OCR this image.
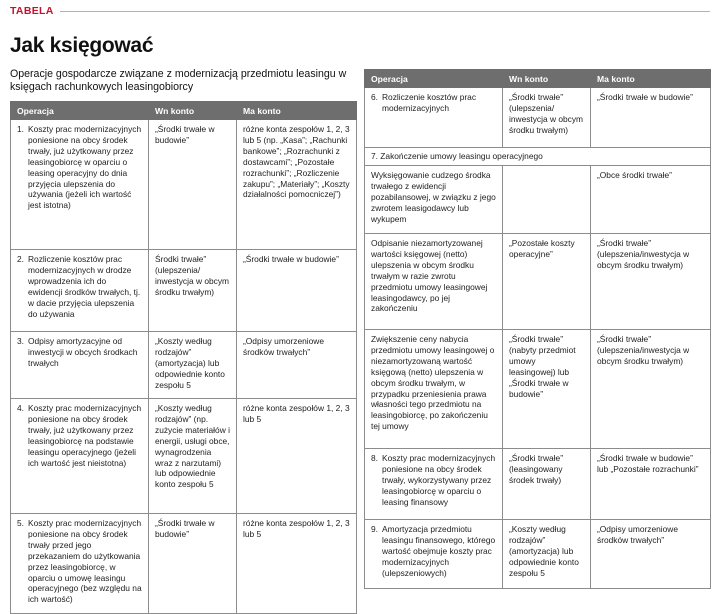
TABELA
Jak księgować

Operacje gospodarcze związane z modernizacją przedmiotu leasingu w księgach rachunkowych leasingobiorcy

Operacja	Wn konto	Ma konto

1. Koszty prac modernizacyjnych poniesione na obcy środek trwały, już użytkowany przez leasingobiorcę w oparciu o leasing operacyjny do dnia przyjęcia ulepszenia do używania (jeżeli ich wartość jest istotna)	„Środki trwałe w budowie”	różne konta zespołów 1, 2, 3 lub 5 (np. „Kasa”; „Rachunki bankowe”; „Rozrachunki z dostawcami”; „Pozostałe rozrachunki”; „Rozliczenie zakupu”; „Materiały”; „Koszty działalności pomocniczej”)

2. Rozliczenie kosztów prac modernizacyjnych w drodze wprowadzenia ich do ewidencji środków trwałych, tj. w dacie przyjęcia ulepszenia do używania	Środki trwałe” (ulepszenia/ inwestycja w obcym środku trwałym)	„Środki trwałe w budowie”

3. Odpisy amortyzacyjne od inwestycji w obcych środkach trwałych	„Koszty według rodzajów” (amortyzacja) lub odpowiednie konto zespołu 5	„Odpisy umorzeniowe środków trwałych”

4. Koszty prac modernizacyjnych poniesione na obcy środek trwały, już użytkowany przez leasingobiorcę na podstawie leasingu operacyjnego (jeżeli ich wartość jest nieistotna)	„Koszty według rodzajów” (np. zużycie materiałów i energii, usługi obce, wynagrodzenia wraz z narzutami) lub odpowiednie konto zespołu 5	różne konta zespołów 1, 2, 3 lub 5

5. Koszty prac modernizacyjnych poniesione na obcy środek trwały przed jego przekazaniem do użytkowania przez leasingobiorcę, w oparciu o umowę leasingu operacyjnego (bez względu na ich wartość)	„Środki trwałe w budowie”	różne konta zespołów 1, 2, 3 lub 5
Operacja	Wn konto	Ma konto

6. Rozliczenie kosztów prac modernizacyjnych	„Środki trwałe” (ulepszenia/ inwestycja w obcym środku trwałym)	„Środki trwałe w budowie”
7. Zakończenie umowy leasingu operacyjnego		
Wyksięgowanie cudzego środka trwałego z ewidencji pozabilansowej, w związku z jego zwrotem leasigodawcy lub wykupem		„Obce środki trwałe”
Odpisanie niezamortyzowanej wartości księgowej (netto) ulepszenia w obcym środku trwałym w razie zwrotu przedmiotu umowy leasingowej leasingodawcy, po jej zakończeniu	„Pozostałe koszty operacyjne”	„Środki trwałe” (ulepszenia/inwestycja w obcym środku trwałym)
Zwiększenie ceny nabycia przedmiotu umowy leasingowej o niezamortyzowaną wartość księgową (netto) ulepszenia w obcym środku trwałym, w przypadku przeniesienia prawa własności tego przedmiotu na leasingobiorcę, po zakończeniu tej umowy	„Środki trwałe” (nabyty przedmiot umowy leasingowej) lub „Środki trwałe w budowie”	„Środki trwałe” (ulepszenia/inwestycja w obcym środku trwałym)

8. Koszty prac modernizacyjnych poniesione na obcy środek trwały, wykorzystywany przez leasingobiorcę w oparciu o leasing finansowy	„Środki trwałe” (leasingowany środek trwały)	„Środki trwałe w budowie” lub „Pozostałe rozrachunki”

9. Amortyzacja przedmiotu leasingu finansowego, którego wartość obejmuje koszty prac modernizacyjnych (ulepszeniowych)	„Koszty według rodzajów” (amortyzacja) lub odpowiednie konto zespołu 5	„Odpisy umorzeniowe środków trwałych”
